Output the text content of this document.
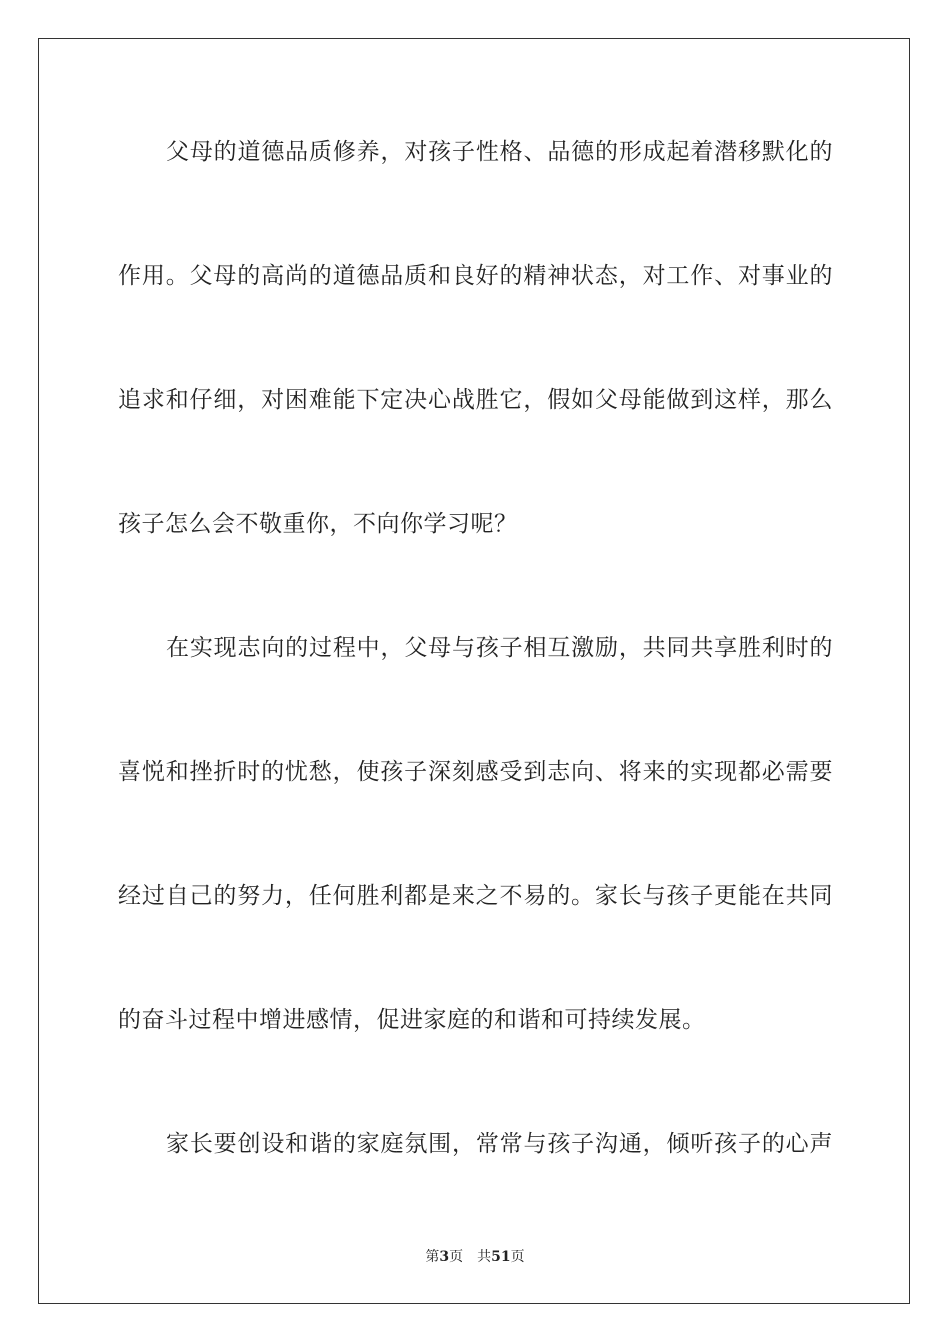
父母的道德品质修养，对孩子性格、品德的形成起着潜移默化的
作用。父母的高尚的道德品质和良好的精神状态，对工作、对事业的
追求和仔细，对困难能下定决心战胜它，假如父母能做到这样，那么
孩子怎么会不敬重你，不向你学习呢？
在实现志向的过程中，父母与孩子相互激励，共同共享胜利时的
喜悦和挫折时的忧愁，使孩子深刻感受到志向、将来的实现都必需要
经过自己的努力，任何胜利都是来之不易的。家长与孩子更能在共同
的奋斗过程中增进感情，促进家庭的和谐和可持续发展。
家长要创设和谐的家庭氛围，常常与孩子沟通，倾听孩子的心声
第3页 共51页
